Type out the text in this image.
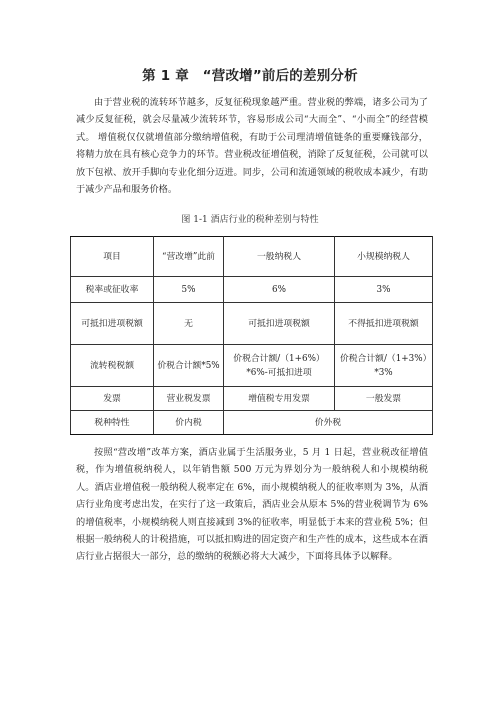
第 1 章　“营改增”前后的差别分析

由于营业税的流转环节越多，反复征税现象越严重。营业税的弊端，诸多公司为了减少反复征税，就会尽量减少流转环节，容易形成公司“大而全”、“小而全”的经营模式。 增值税仅仅就增值部分缴纳增值税，有助于公司理清增值链条的重要赚钱部分，将精力放在具有核心竞争力的环节。营业税改征增值税，消除了反复征税，公司就可以放下包袱、放开手脚向专业化细分迈进。同步，公司和流通领域的税收成本减少，有助于减少产品和服务价格。

图 1-1 酒店行业的税种差别与特性
项目	“营改增”此前	一般纳税人	小规模纳税人
税率或征收率	5%	6%	3%
可抵扣进项税额	无	可抵扣进项税额	不得抵扣进项税额
流转税税额	价税合计额*5%	价税合计额/（1+6%）*6%-可抵扣进项	价税合计额/（1+3%）*3%
发票	营业税发票	增值税专用发票	一般发票
税种特性	价内税	价外税	

按照“营改增”改革方案，酒店业属于生活服务业，5 月 1 日起，营业税改征增值税，作为增值税纳税人，以年销售额 500 万元为界划分为一般纳税人和小规模纳税人。酒店业增值税一般纳税人税率定在 6%，而小规模纳税人的征收率则为 3%，从酒店行业角度考虑出发，在实行了这一政策后，酒店业会从原本 5%的营业税调节为 6%的增值税率，小规模纳税人则直接减到 3%的征收率，明显低于本来的营业税 5%；但根据一般纳税人的计税措施，可以抵扣购进的固定资产和生产性的成本，这些成本在酒店行业占据很大一部分，总的缴纳的税额必将大大减少，下面将具体予以解释。
